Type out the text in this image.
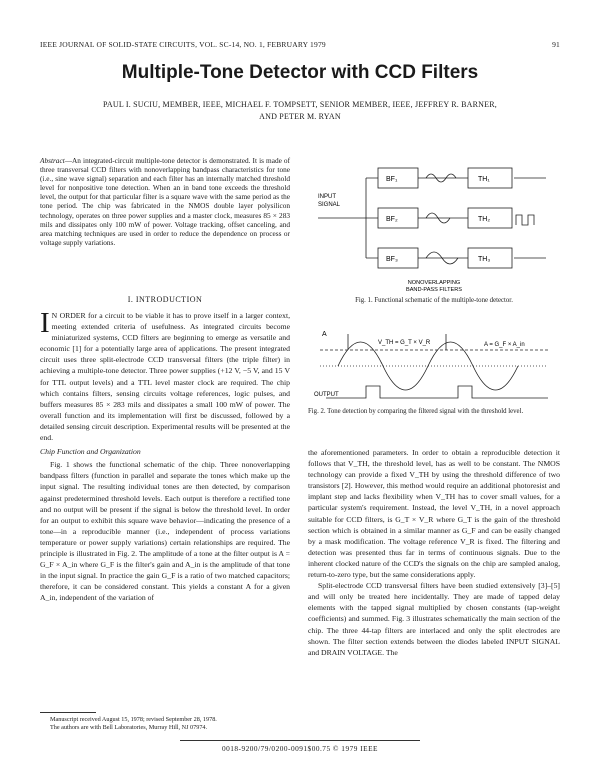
IEEE JOURNAL OF SOLID-STATE CIRCUITS, VOL. SC-14, NO. 1, FEBRUARY 1979	91
Multiple-Tone Detector with CCD Filters
PAUL I. SUCIU, MEMBER, IEEE, MICHAEL F. TOMPSETT, SENIOR MEMBER, IEEE, JEFFREY R. BARNER,
AND PETER M. RYAN
Abstract—An integrated-circuit multiple-tone detector is demonstrated. It is made of three transversal CCD filters with nonoverlapping bandpass characteristics for tone (i.e., sine wave signal) separation and each filter has an internally matched threshold level for nonpositive tone detection. When an in band tone exceeds the threshold level, the output for that particular filter is a square wave with the same period as the tone period. The chip was fabricated in the NMOS double layer polysilicon technology, operates on three power supplies and a master clock, measures 85 × 283 mils and dissipates only 100 mW of power. Voltage tracking, offset canceling, and area matching techniques are used in order to reduce the dependence on process or voltage supply variations.
I. INTRODUCTION

I N ORDER for a circuit to be viable it has to prove itself in a larger context, meeting extended criteria of usefulness. As integrated circuits become miniaturized systems, CCD filters are beginning to emerge as versatile and economic [1] for a potentially large area of applications. The present integrated circuit uses three split-electrode CCD transversal filters (the triple filter) in achieving a multiple-tone detector. Three power supplies (+12 V, −5 V, and 15 V for TTL output levels) and a TTL level master clock are required. The chip which contains filters, sensing circuits voltage references, logic pulses, and buffers measures 85 × 283 mils and dissipates a small 100 mW of power. The overall function and its implementation will first be discussed, followed by a detailed sensing circuit description. Experimental results will be presented at the end.

Chip Function and Organization

Fig. 1 shows the functional schematic of the chip. Three nonoverlapping bandpass filters (function in parallel and separate the tones which make up the input signal. The resulting individual tones are then detected, by comparison against predetermined threshold levels. Each output is therefore a rectified tone and no output will be present if the signal is below the threshold level. In order for an output to exhibit this square wave behavior—indicating the presence of a tone—in a reproducible manner (i.e., independent of process variations temperature or power supply variations) certain relationships are required. The principle is illustrated in Fig. 2. The amplitude of a tone at the filter output is A = G_F × A_in where G_F is the filter's gain and A_in is the amplitude of that tone in the input signal. In practice the gain G_F is a ratio of two matched capacitors; therefore, it can be considered constant. This yields a constant A for a given A_in, independent of the variation of

INPUT
SIGNAL
BF₁
BF₂
BF₃
TH₁
TH₂
TH₃
NONOVERLAPPING
BAND-PASS FILTERS
Fig. 1. Functional schematic of the multiple-tone detector.
A
V_TH = G_T × V_R	A = G_F × A_in
OUTPUT
Fig. 2. Tone detection by comparing the filtered signal with the threshold level.

the aforementioned parameters. In order to obtain a reproducible detection it follows that V_TH, the threshold level, has as well to be constant. The NMOS technology can provide a fixed V_TH by using the threshold difference of two transistors [2]. However, this method would require an additional photoresist and implant step and lacks flexibility when V_TH has to cover small values, for a particular system's requirement. Instead, the level V_TH, in a novel approach suitable for CCD filters, is G_T × V_R where G_T is the gain of the threshold section which is obtained in a similar manner as G_F and can be easily changed by a mask modification. The voltage reference V_R is fixed. The filtering and detection was presented thus far in terms of continuous signals. Due to the inherent clocked nature of the CCD's the signals on the chip are sampled analog, return-to-zero type, but the same considerations apply.

Split-electrode CCD transversal filters have been studied extensively [3]–[5] and will only be treated here incidentally. They are made of tapped delay elements with the tapped signal multiplied by chosen constants (tap-weight coefficients) and summed. Fig. 3 illustrates schematically the main section of the chip. The three 44-tap filters are interlaced and only the split electrodes are shown. The filter section extends between the diodes labeled INPUT SIGNAL and DRAIN VOLTAGE. The

Manuscript received August 15, 1978; revised September 28, 1978.
The authors are with Bell Laboratories, Murray Hill, NJ 07974.
0018-9200/79/0200-0091$00.75 © 1979 IEEE
